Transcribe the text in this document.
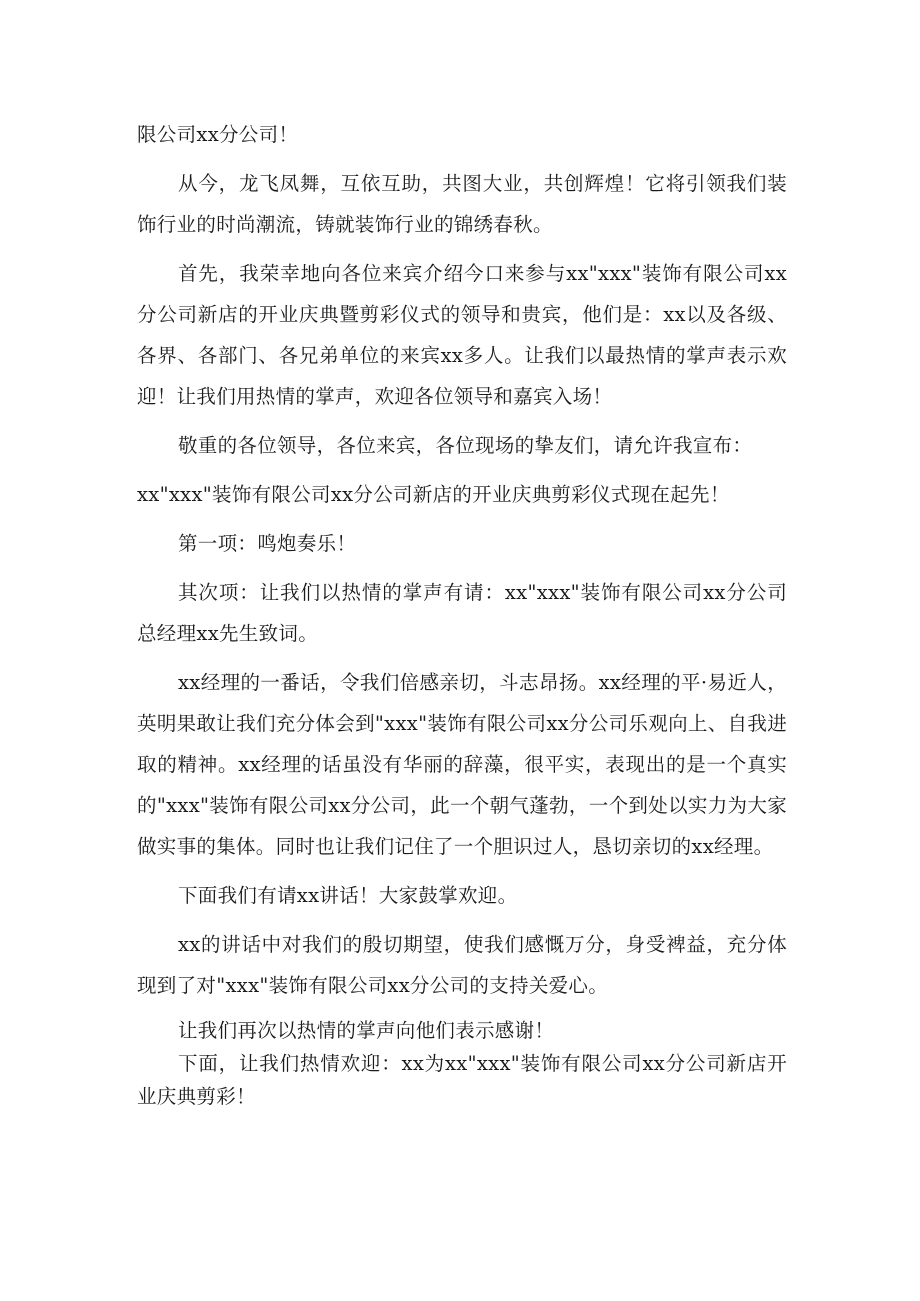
限公司xx分公司！

从今，龙飞凤舞，互依互助，共图大业，共创辉煌！它将引领我们装饰行业的时尚潮流，铸就装饰行业的锦绣春秋。

首先，我荣幸地向各位来宾介绍今口来参与xx"xxx"装饰有限公司xx分公司新店的开业庆典暨剪彩仪式的领导和贵宾，他们是：xx以及各级、各界、各部门、各兄弟单位的来宾xx多人。让我们以最热情的掌声表示欢迎！让我们用热情的掌声，欢迎各位领导和嘉宾入场！

敬重的各位领导，各位来宾，各位现场的挚友们，请允许我宣布：

xx"xxx"装饰有限公司xx分公司新店的开业庆典剪彩仪式现在起先！

第一项：鸣炮奏乐！

其次项：让我们以热情的掌声有请：xx"xxx"装饰有限公司xx分公司总经理xx先生致词。

xx经理的一番话，令我们倍感亲切，斗志昂扬。xx经理的平·易近人，英明果敢让我们充分体会到"xxx"装饰有限公司xx分公司乐观向上、自我进取的精神。xx经理的话虽没有华丽的辞藻，很平实，表现出的是一个真实的"xxx"装饰有限公司xx分公司，此一个朝气蓬勃，一个到处以实力为大家做实事的集体。同时也让我们记住了一个胆识过人，恳切亲切的xx经理。

下面我们有请xx讲话！大家鼓掌欢迎。

xx的讲话中对我们的殷切期望，使我们感慨万分，身受裨益，充分体现到了对"xxx"装饰有限公司xx分公司的支持关爱心。

让我们再次以热情的掌声向他们表示感谢！

下面，让我们热情欢迎：xx为xx"xxx"装饰有限公司xx分公司新店开业庆典剪彩！
